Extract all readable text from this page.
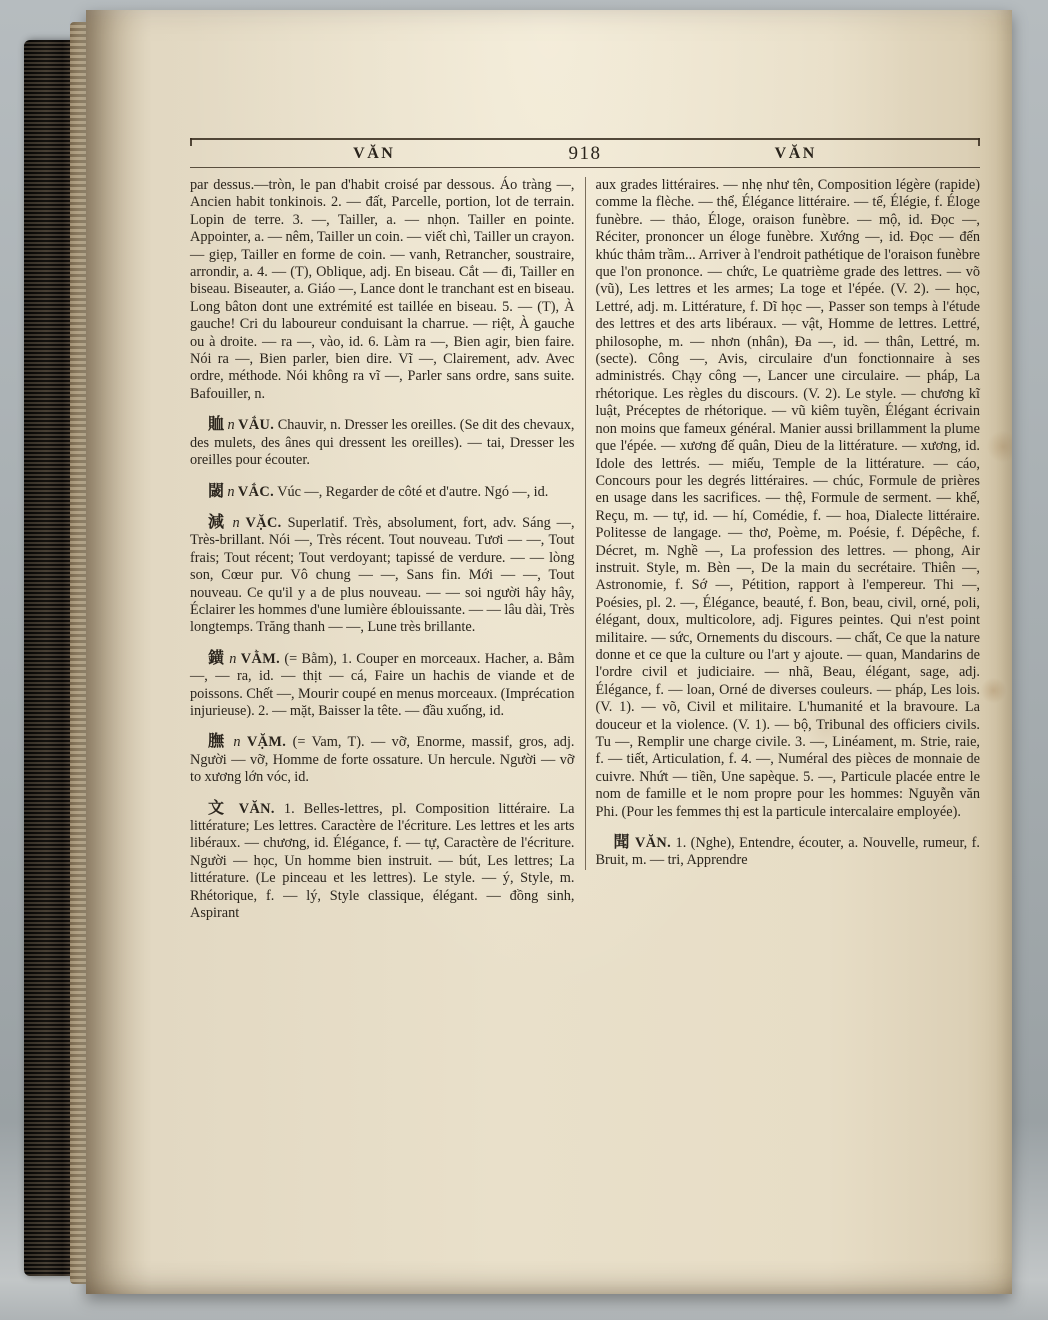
VĂN	918	VĂN

par dessus.—tròn, le pan d'habit croisé par dessous. Áo tràng —, Ancien habit tonkinois. 2. — đất, Parcelle, portion, lot de terrain. Lopin de terre. 3. —, Tailler, a. — nhọn. Tailler en pointe. Appointer, a. — nêm, Tailler un coin. — viết chì, Tailler un crayon. — giẹp, Tailler en forme de coin. — vanh, Retrancher, soustraire, arrondir, a. 4. — (T), Oblique, adj. En biseau. Cắt — đi, Tailler en biseau. Biseauter, a. Giáo —, Lance dont le tranchant est en biseau. Long bâton dont une extrémité est taillée en biseau. 5. — (T), À gauche! Cri du laboureur conduisant la charrue. — riệt, À gauche ou à droite. — ra —, vào, id. 6. Làm ra —, Bien agir, bien faire. Nói ra —, Bien parler, bien dire. Vĩ —, Clairement, adv. Avec ordre, méthode. Nói không ra vĩ —, Parler sans ordre, sans suite. Bafouiller, n.

賉 n VẮU. Chauvir, n. Dresser les oreilles. (Se dit des chevaux, des mulets, des ânes qui dressent les oreilles). — tai, Dresser les oreilles pour écouter.

閾 n VẮC. Vúc —, Regarder de côté et d'autre. Ngó —, id.

減 n VẶC. Superlatif. Très, absolument, fort, adv. Sáng —, Très-brillant. Nói —, Très récent. Tout nouveau. Tươi — —, Tout frais; Tout récent; Tout verdoyant; tapissé de verdure. — — lòng son, Cœur pur. Vô chung — —, Sans fin. Mới — —, Tout nouveau. Ce qu'il y a de plus nouveau. — — soi người hây hây, Éclairer les hommes d'une lumière éblouissante. — — lâu dài, Très longtemps. Trăng thanh — —, Lune très brillante.

鐄 n VẰM. (= Bằm), 1. Couper en morceaux. Hacher, a. Bằm —, — ra, id. — thịt — cá, Faire un hachis de viande et de poissons. Chết —, Mourir coupé en menus morceaux. (Imprécation injurieuse). 2. — mặt, Baisser la tête. — đầu xuống, id.

膴 n VẶM. (= Vam, T). — vỡ, Enorme, massif, gros, adj. Người — vỡ, Homme de forte ossature. Un hercule. Người — vỡ to xương lớn vóc, id.

文 VĂN. 1. Belles-lettres, pl. Composition littéraire. La littérature; Les lettres. Caractère de l'écriture. Les lettres et les arts libéraux. — chương, id. Élégance, f. — tự, Caractère de l'écriture. Người — học, Un homme bien instruit. — bút, Les lettres; La littérature. (Le pinceau et les lettres). Le style. — ý, Style, m. Rhétorique, f. — lý, Style classique, élégant. — đồng sinh, Aspirant

aux grades littéraires. — nhẹ như tên, Composition légère (rapide) comme la flèche. — thể, Élégance littéraire. — tế, Élégie, f. Éloge funèbre. — thảo, Éloge, oraison funèbre. — mộ, id. Đọc —, Réciter, prononcer un éloge funèbre. Xướng —, id. Đọc — đến khúc thảm trầm... Arriver à l'endroit pathétique de l'oraison funèbre que l'on prononce. — chức, Le quatrième grade des lettres. — võ (vũ), Les lettres et les armes; La toge et l'épée. (V. 2). — học, Lettré, adj. m. Littérature, f. Dĩ học —, Passer son temps à l'étude des lettres et des arts libéraux. — vật, Homme de lettres. Lettré, philosophe, m. — nhơn (nhân), Đa —, id. — thân, Lettré, m. (secte). Công —, Avis, circulaire d'un fonctionnaire à ses administrés. Chạy công —, Lancer une circulaire. — pháp, La rhétorique. Les règles du discours. (V. 2). Le style. — chương kĩ luật, Préceptes de rhétorique. — vũ kiêm tuyền, Élégant écrivain non moins que fameux général. Manier aussi brillamment la plume que l'épée. — xương đế quân, Dieu de la littérature. — xương, id. Idole des lettrés. — miếu, Temple de la littérature. — cáo, Concours pour les degrés littéraires. — chúc, Formule de prières en usage dans les sacrifices. — thệ, Formule de serment. — khế, Reçu, m. — tự, id. — hí, Comédie, f. — hoa, Dialecte littéraire. Politesse de langage. — thơ, Poème, m. Poésie, f. Dépêche, f. Décret, m. Nghề —, La profession des lettres. — phong, Air instruit. Style, m. Bèn —, De la main du secrétaire. Thiên —, Astronomie, f. Sớ —, Pétition, rapport à l'empereur. Thi —, Poésies, pl. 2. —, Élégance, beauté, f. Bon, beau, civil, orné, poli, élégant, doux, multicolore, adj. Figures peintes. Qui n'est point militaire. — sức, Ornements du discours. — chất, Ce que la nature donne et ce que la culture ou l'art y ajoute. — quan, Mandarins de l'ordre civil et judiciaire. — nhã, Beau, élégant, sage, adj. Élégance, f. — loan, Orné de diverses couleurs. — pháp, Les lois. (V. 1). — võ, Civil et militaire. L'humanité et la bravoure. La douceur et la violence. (V. 1). — bộ, Tribunal des officiers civils. Tu —, Remplir une charge civile. 3. —, Linéament, m. Strie, raie, f. — tiết, Articulation, f. 4. —, Numéral des pièces de monnaie de cuivre. Nhứt — tiền, Une sapèque. 5. —, Particule placée entre le nom de famille et le nom propre pour les hommes: Nguyễn văn Phi. (Pour les femmes thị est la particule intercalaire employée).

聞 VĂN. 1. (Nghe), Entendre, écouter, a. Nouvelle, rumeur, f. Bruit, m. — tri, Apprendre
